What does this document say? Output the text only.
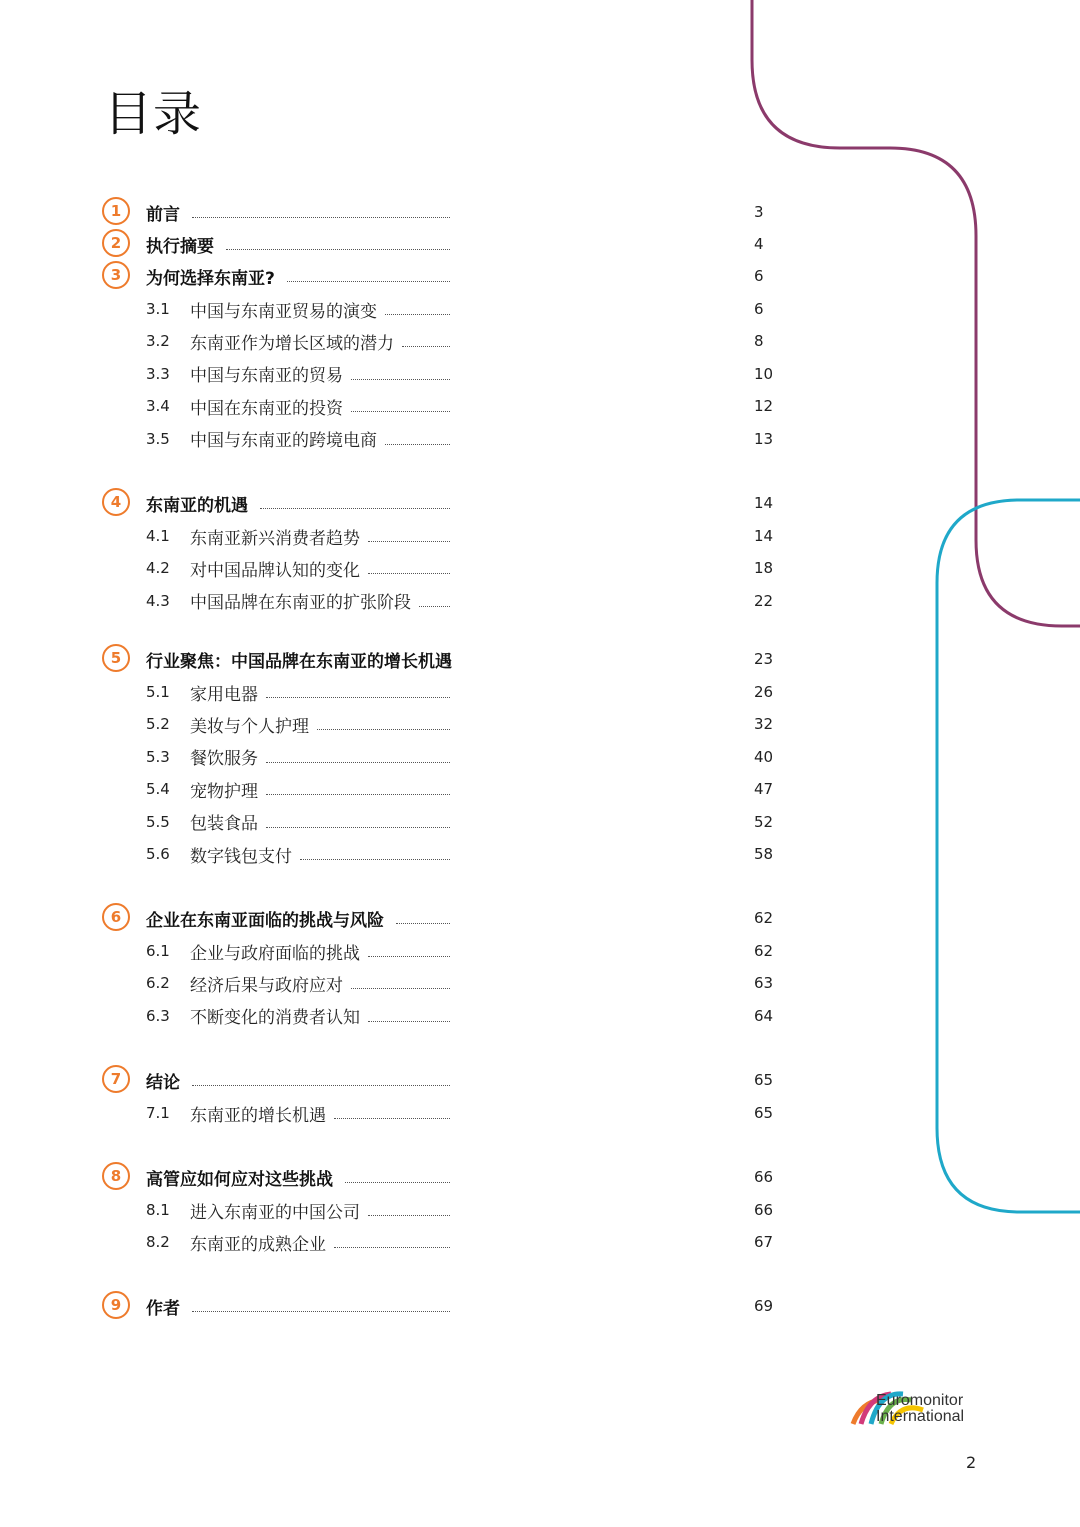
目录
1	前言	3
2	执行摘要	4
3	为何选择东南亚?	6
3.1 中国与东南亚贸易的演变	6
3.2 东南亚作为增长区域的潜力	8
3.3 中国与东南亚的贸易	10
3.4 中国在东南亚的投资	12
3.5 中国与东南亚的跨境电商	13
4	东南亚的机遇	14
4.1 东南亚新兴消费者趋势	14
4.2 对中国品牌认知的变化	18
4.3 中国品牌在东南亚的扩张阶段	22
5	行业聚焦：中国品牌在东南亚的增长机遇	23
5.1 家用电器	26
5.2 美妆与个人护理	32
5.3 餐饮服务	40
5.4 宠物护理	47
5.5 包装食品	52
5.6 数字钱包支付	58
6	企业在东南亚面临的挑战与风险	62
6.1 企业与政府面临的挑战	62
6.2 经济后果与政府应对	63
6.3 不断变化的消费者认知	64
7	结论	65
7.1 东南亚的增长机遇	65
8	高管应如何应对这些挑战	66
8.1 进入东南亚的中国公司	66
8.2 东南亚的成熟企业	67
9	作者	69
Euromonitor
International
2
